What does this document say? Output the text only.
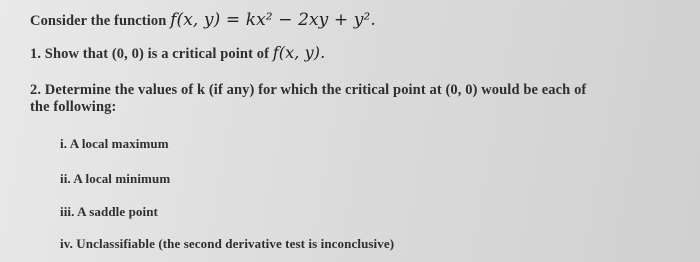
Consider the function f(x, y) = kx² − 2xy + y².
1. Show that (0, 0) is a critical point of f(x, y).
2. Determine the values of k (if any) for which the critical point at (0, 0) would be each of
the following:
i. A local maximum
ii. A local minimum
iii. A saddle point
iv. Unclassifiable (the second derivative test is inconclusive)
